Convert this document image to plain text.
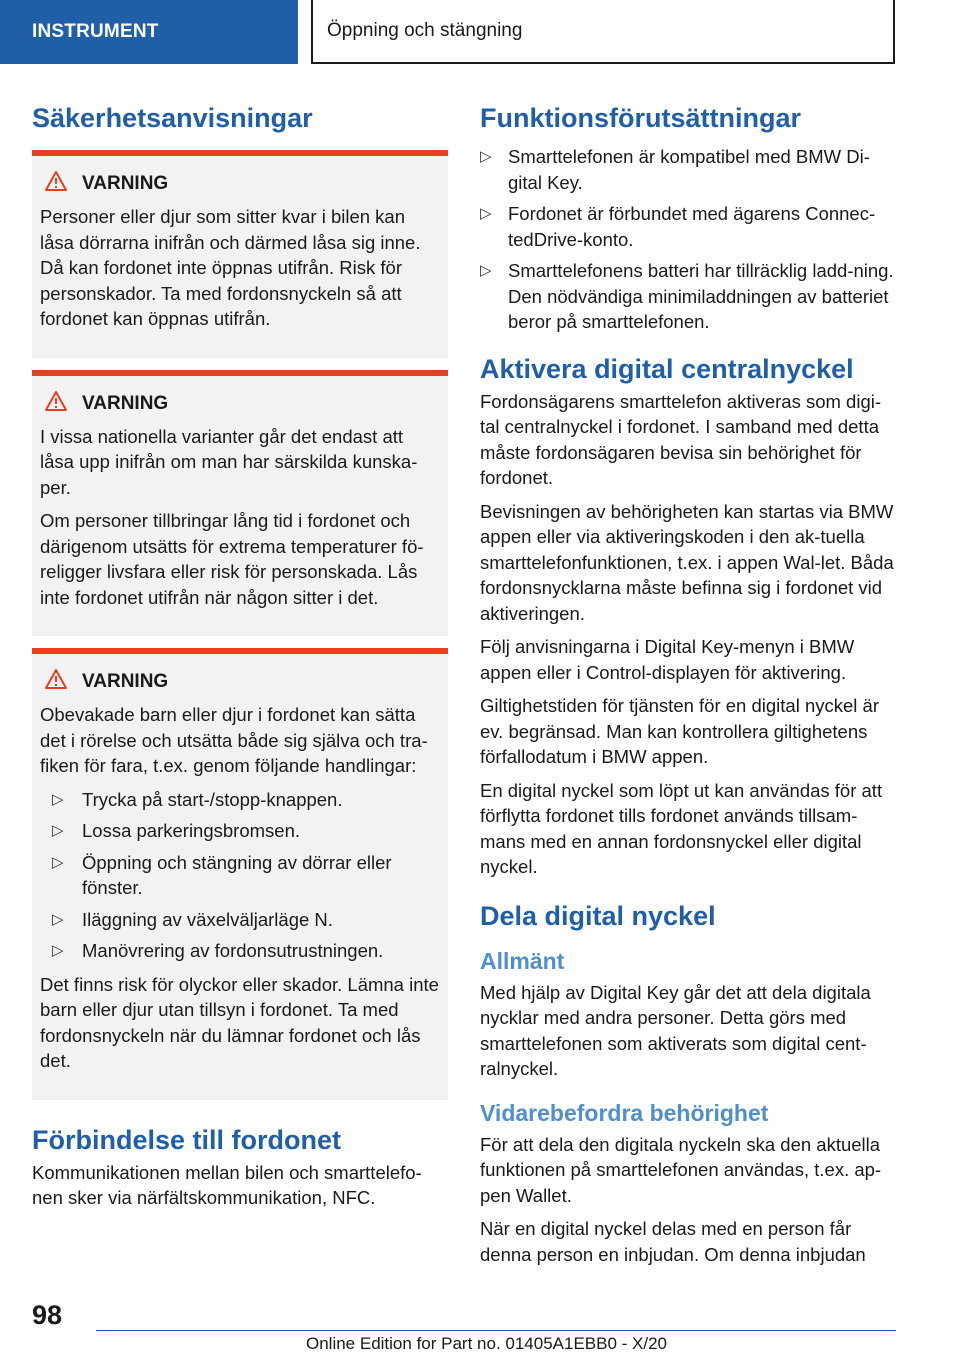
INSTRUMENT	Öppning och stängning
Säkerhetsanvisningar
VARNING

Personer eller djur som sitter kvar i bilen kan låsa dörrarna inifrån och därmed låsa sig inne. Då kan fordonet inte öppnas utifrån. Risk för personskador. Ta med fordonsnyckeln så att fordonet kan öppnas utifrån.

VARNING

I vissa nationella varianter går det endast att låsa upp inifrån om man har särskilda kunska-per.

Om personer tillbringar lång tid i fordonet och därigenom utsätts för extrema temperaturer fö-religger livsfara eller risk för personskada. Lås inte fordonet utifrån när någon sitter i det.

VARNING

Obevakade barn eller djur i fordonet kan sätta det i rörelse och utsätta både sig själva och tra-fiken för fara, t.ex. genom följande handlingar:

▷ Trycka på start-/stopp-knappen.
▷ Lossa parkeringsbromsen.
▷ Öppning och stängning av dörrar eller fönster.
▷ Iläggning av växelväljarläge N.
▷ Manövrering av fordonsutrustningen.

Det finns risk för olyckor eller skador. Lämna inte barn eller djur utan tillsyn i fordonet. Ta med fordonsnyckeln när du lämnar fordonet och lås det.

Förbindelse till fordonet

Kommunikationen mellan bilen och smarttelefo-nen sker via närfältskommunikation, NFC.

Funktionsförutsättningar
▷ Smarttelefonen är kompatibel med BMW Di-gital Key.
▷ Fordonet är förbundet med ägarens Connec-tedDrive-konto.
▷ Smarttelefonens batteri har tillräcklig ladd-ning. Den nödvändiga minimiladdningen av batteriet beror på smarttelefonen.
Aktivera digital centralnyckel

Fordonsägarens smarttelefon aktiveras som digi-tal centralnyckel i fordonet. I samband med detta måste fordonsägaren bevisa sin behörighet för fordonet.

Bevisningen av behörigheten kan startas via BMW appen eller via aktiveringskoden i den ak-tuella smarttelefonfunktionen, t.ex. i appen Wal-let. Båda fordonsnycklarna måste befinna sig i fordonet vid aktiveringen.

Följ anvisningarna i Digital Key-menyn i BMW appen eller i Control-displayen för aktivering.

Giltighetstiden för tjänsten för en digital nyckel är ev. begränsad. Man kan kontrollera giltighetens förfallodatum i BMW appen.

En digital nyckel som löpt ut kan användas för att förflytta fordonet tills fordonet används tillsam-mans med en annan fordonsnyckel eller digital nyckel.

Dela digital nyckel
Allmänt

Med hjälp av Digital Key går det att dela digitala nycklar med andra personer. Detta görs med smarttelefonen som aktiverats som digital cent-ralnyckel.

Vidarebefordra behörighet

För att dela den digitala nyckeln ska den aktuella funktionen på smarttelefonen användas, t.ex. ap-pen Wallet.

När en digital nyckel delas med en person får denna person en inbjudan. Om denna inbjudan

98
Online Edition for Part no. 01405A1EBB0 - X/20
